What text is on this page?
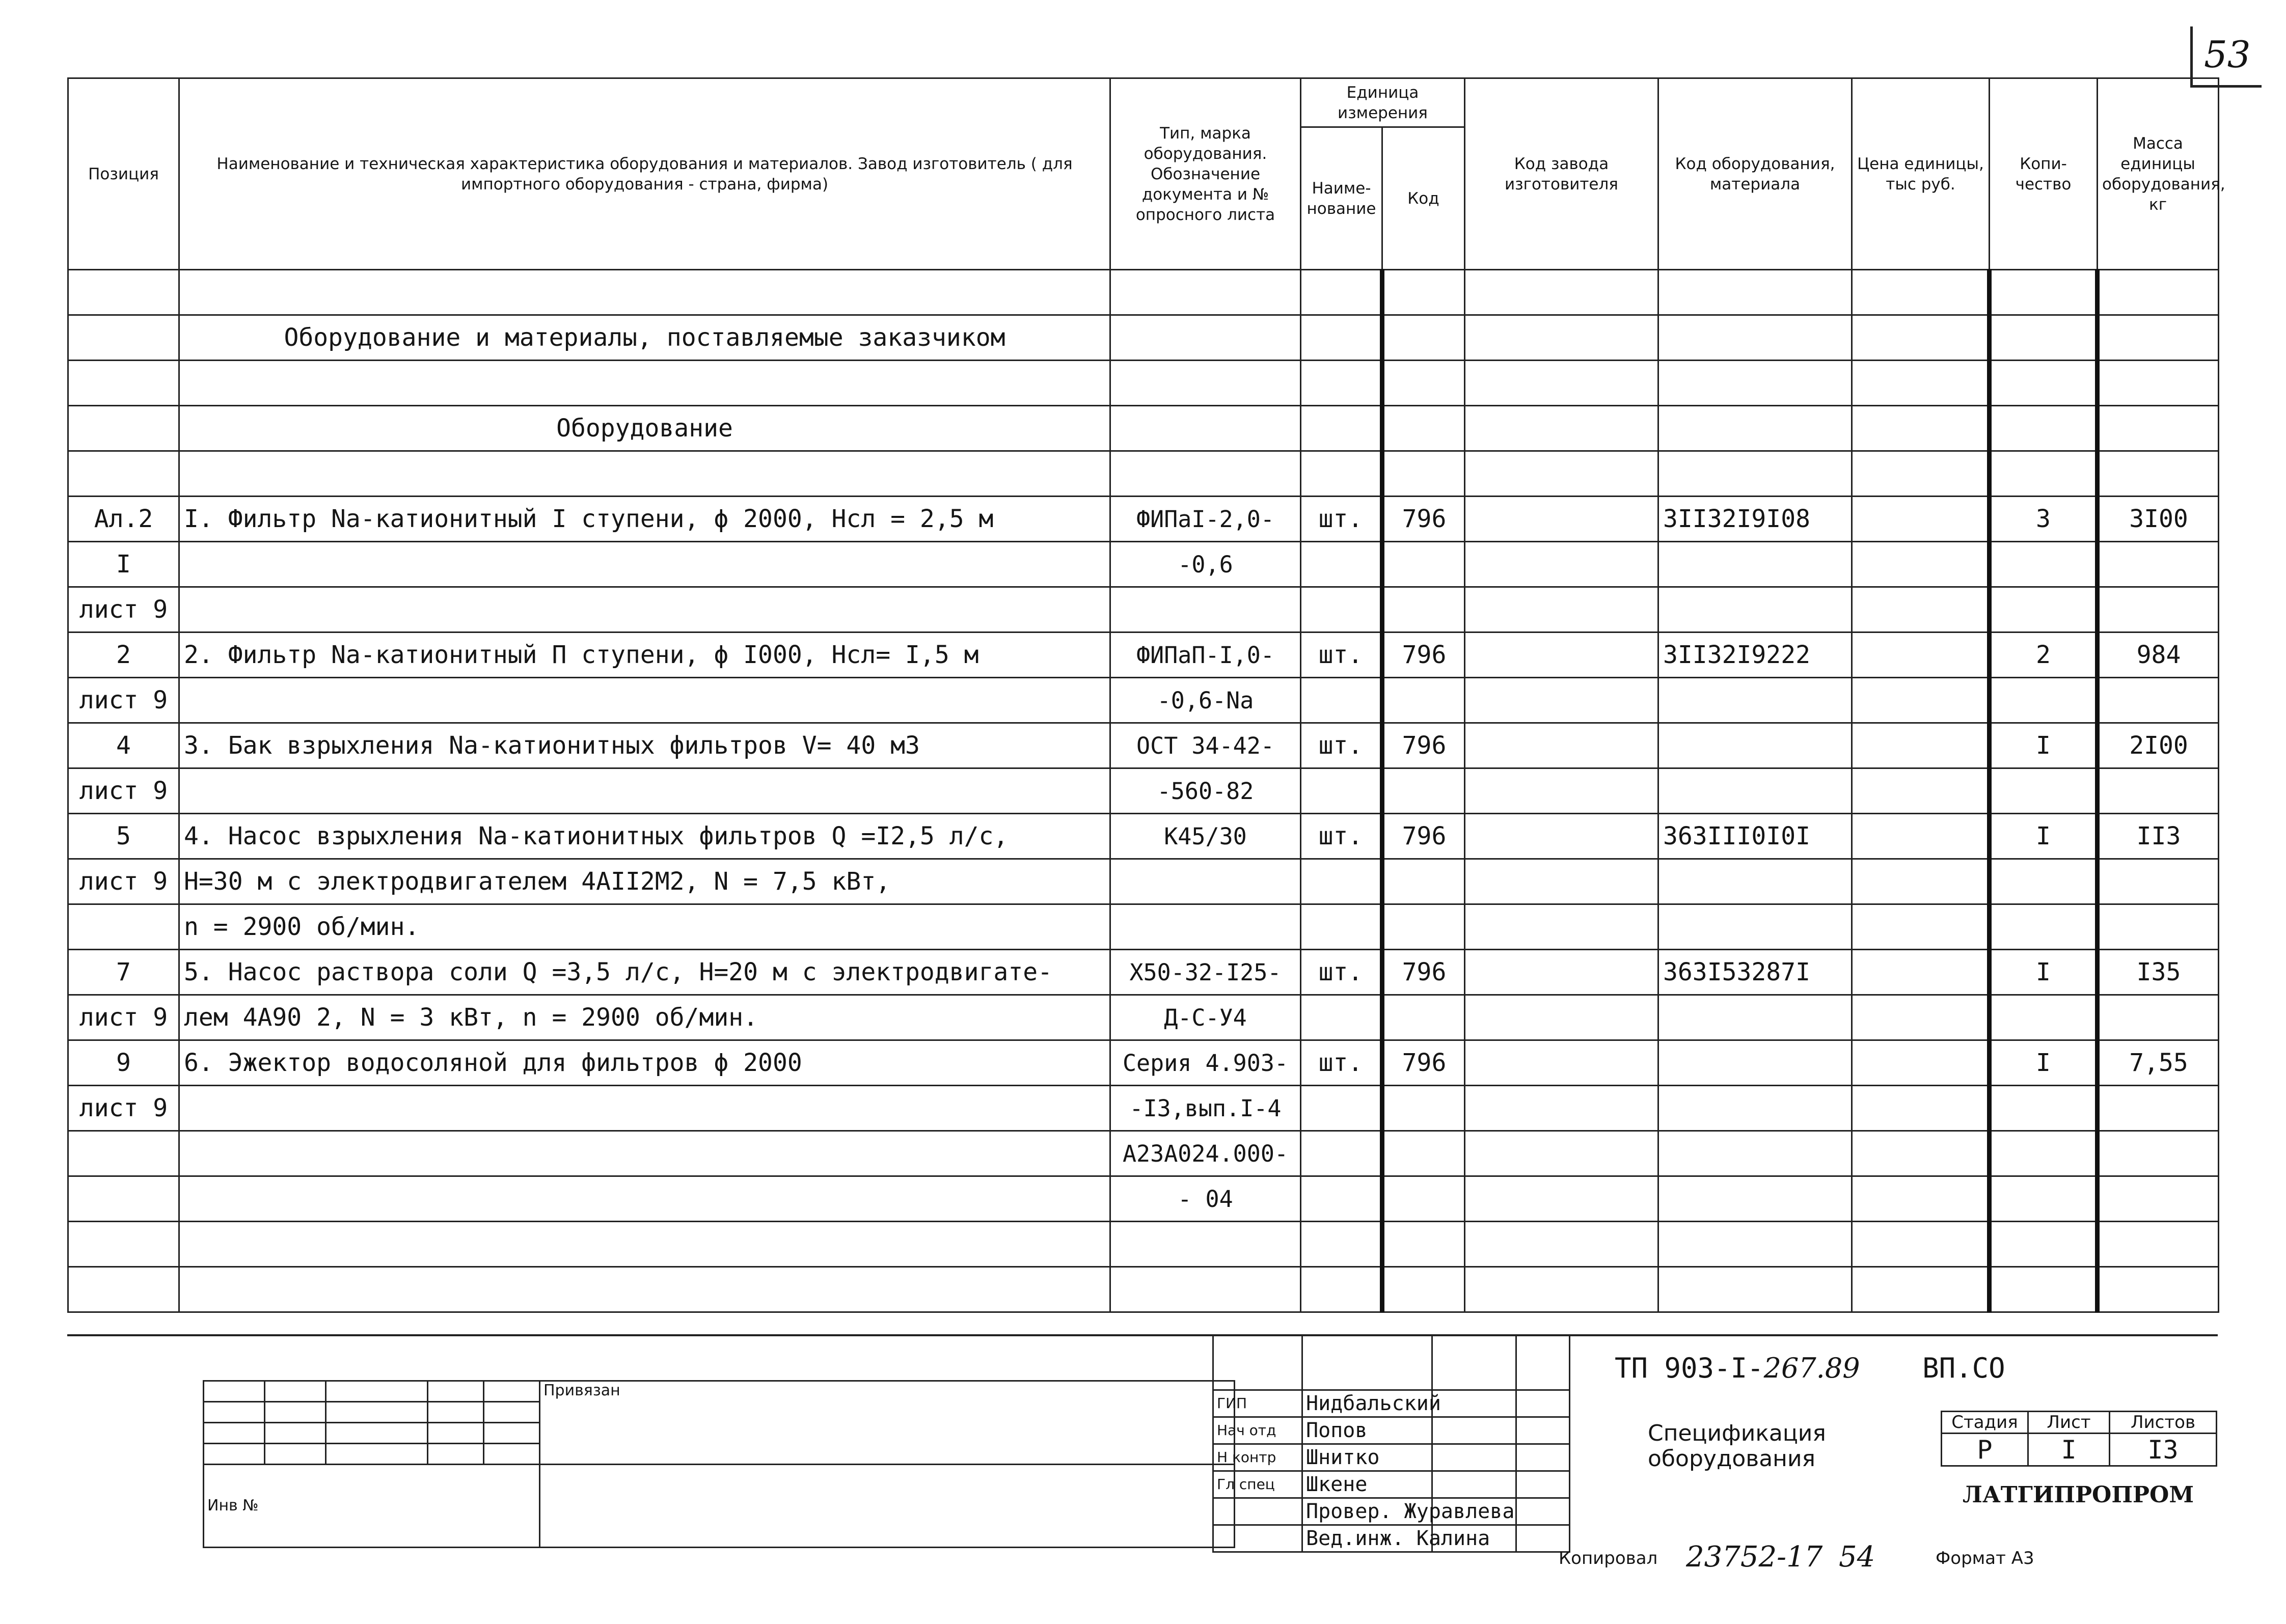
53
Позиция	Наименование и техническая характеристика оборудования и материалов. Завод изготовитель ( для импортного оборудования - страна, фирма)	Тип, марка оборудования. Обозначение документа и № опросного листа	Единица измерения		Код завода изготовителя	Код оборудования, материала	Цена единицы, тыс руб.	Копи- чество	Масса единицы оборудования, кг
			Наиме- нование	Код					

	Оборудование и материалы, поставляемые заказчиком								

	Оборудование								

Ал.2	I. Фильтр Nа-катионитный I ступени, ϕ 2000, Hсл = 2,5 м	ФИПаI-2,0-	шт.	796		3II32I9I08		3	3I00
I		-0,6							
лист 9									
2	2. Фильтр Nа-катионитный П ступени, ϕ I000, Hсл= I,5 м	ФИПаП-I,0-	шт.	796		3II32I9222		2	984
лист 9		-0,6-Nа							
4	3. Бак взрыхления Nа-катионитных фильтров V= 40 м3	ОСТ 34-42-	шт.	796				I	2I00
лист 9		-560-82							
5	4. Насос взрыхления Nа-катионитных фильтров Q =I2,5 л/с,	К45/30	шт.	796		363III0I0I		I	II3
лист 9	H=30 м с электродвигателем 4АII2М2, N = 7,5 кВт,								
	n = 2900 об/мин.								
7	5. Насос раствора соли Q =3,5 л/с, H=20 м с электродвигате-	Х50-32-I25-	шт.	796		363I53287I		I	I35
лист 9	лем 4А90 2, N = 3 кВт, n = 2900 об/мин.	Д-С-У4							
9	6. Эжектор водосоляной для фильтров ϕ 2000	Серия 4.903-	шт.	796				I	7,55
лист 9		-I3,вып.I-4							
		А23А024.000-							
		- 04							

					Привязан

Инв №					

ГИП	Нидбальский		
Нач отд	Попов		
Н контр	Шнитко		
Гл спец	Шкене		
	Провер. Журавлева		
	Вед.инж. Калина		
ТП 903-I-267.89 ВП.СО
Спецификация оборудования
Стадия	Лист	Листов
Р	I	I3
ЛАТГИПРОПРОМ
Копировал 23752-17 54	Формат А3
